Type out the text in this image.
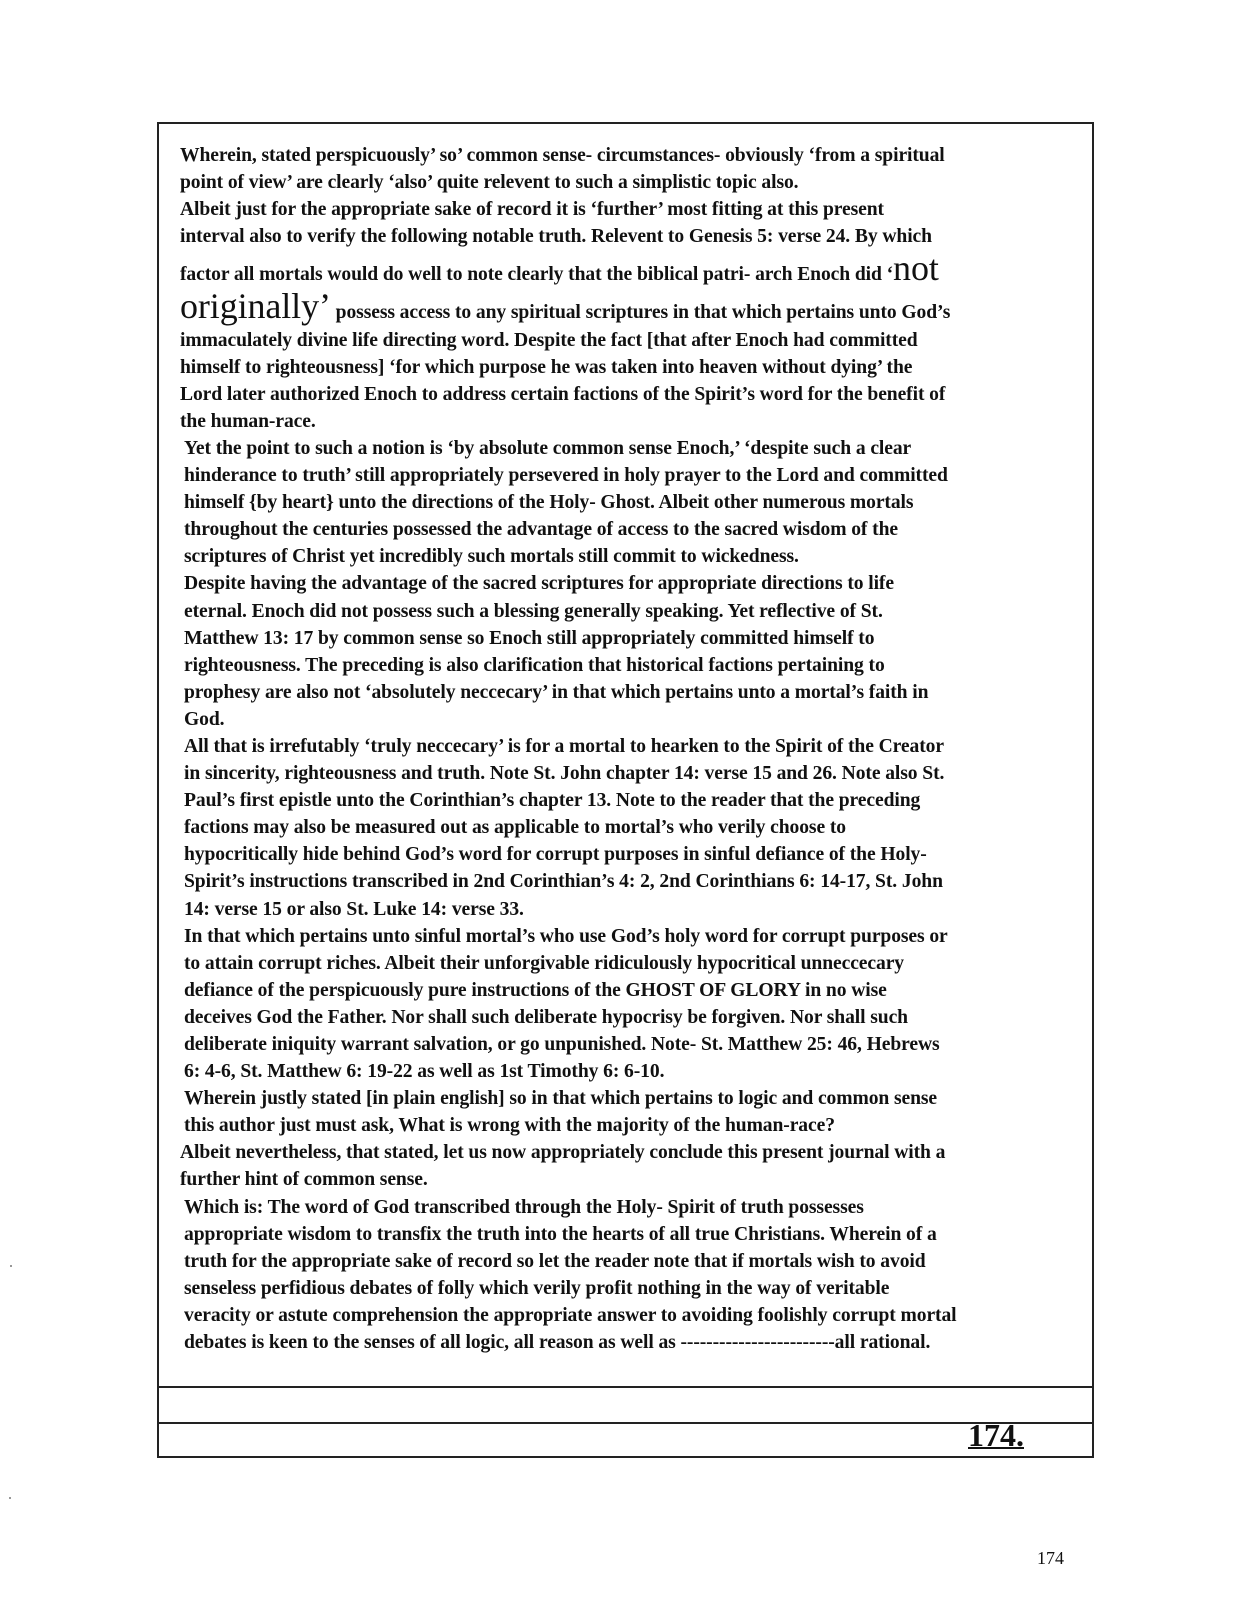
Wherein, stated perspicuously’ so’ common sense- circumstances- obviously ‘from a spiritual
point of view’ are clearly ‘also’ quite relevent to such a simplistic topic also.

Albeit just for the appropriate sake of record it is ‘further’ most fitting at this present
interval also to verify the following notable truth. Relevent to Genesis 5: verse 24. By which
factor all mortals would do well to note clearly that the biblical patri- arch Enoch did ‘not
originally’ possess access to any spiritual scriptures in that which pertains unto God’s
immaculately divine life directing word. Despite the fact [that after Enoch had committed
himself to righteousness] ‘for which purpose he was taken into heaven without dying’ the
Lord later authorized Enoch to address certain factions of the Spirit’s word for the benefit of
the human-race.

Yet the point to such a notion is ‘by absolute common sense Enoch,’ ‘despite such a clear
hinderance to truth’ still appropriately persevered in holy prayer to the Lord and committed
himself {by heart} unto the directions of the Holy- Ghost. Albeit other numerous mortals
throughout the centuries possessed the advantage of access to the sacred wisdom of the
scriptures of Christ yet incredibly such mortals still commit to wickedness.

Despite having the advantage of the sacred scriptures for appropriate directions to life
eternal. Enoch did not possess such a blessing generally speaking. Yet reflective of St.
Matthew 13: 17 by common sense so Enoch still appropriately committed himself to
righteousness. The preceding is also clarification that historical factions pertaining to
prophesy are also not ‘absolutely neccecary’ in that which pertains unto a mortal’s faith in
God.

All that is irrefutably ‘truly neccecary’ is for a mortal to hearken to the Spirit of the Creator
in sincerity, righteousness and truth. Note St. John chapter 14: verse 15 and 26. Note also St.
Paul’s first epistle unto the Corinthian’s chapter 13. Note to the reader that the preceding
factions may also be measured out as applicable to mortal’s who verily choose to
hypocritically hide behind God’s word for corrupt purposes in sinful defiance of the Holy-
Spirit’s instructions transcribed in 2nd Corinthian’s 4: 2, 2nd Corinthians 6: 14-17, St. John
14: verse 15 or also St. Luke 14: verse 33.

In that which pertains unto sinful mortal’s who use God’s holy word for corrupt purposes or
to attain corrupt riches. Albeit their unforgivable ridiculously hypocritical unneccecary
defiance of the perspicuously pure instructions of the GHOST OF GLORY in no wise
deceives God the Father. Nor shall such deliberate hypocrisy be forgiven. Nor shall such
deliberate iniquity warrant salvation, or go unpunished. Note- St. Matthew 25: 46, Hebrews
6: 4-6, St. Matthew 6: 19-22 as well as 1st Timothy 6: 6-10.

Wherein justly stated [in plain english] so in that which pertains to logic and common sense
this author just must ask, What is wrong with the majority of the human-race?

Albeit nevertheless, that stated, let us now appropriately conclude this present journal with a
further hint of common sense.

Which is: The word of God transcribed through the Holy- Spirit of truth possesses
appropriate wisdom to transfix the truth into the hearts of all true Christians. Wherein of a
truth for the appropriate sake of record so let the reader note that if mortals wish to avoid
senseless perfidious debates of folly which verily profit nothing in the way of veritable
veracity or astute comprehension the appropriate answer to avoiding foolishly corrupt mortal
debates is keen to the senses of all logic, all reason as well as ------------------------all rational.

174.
174
